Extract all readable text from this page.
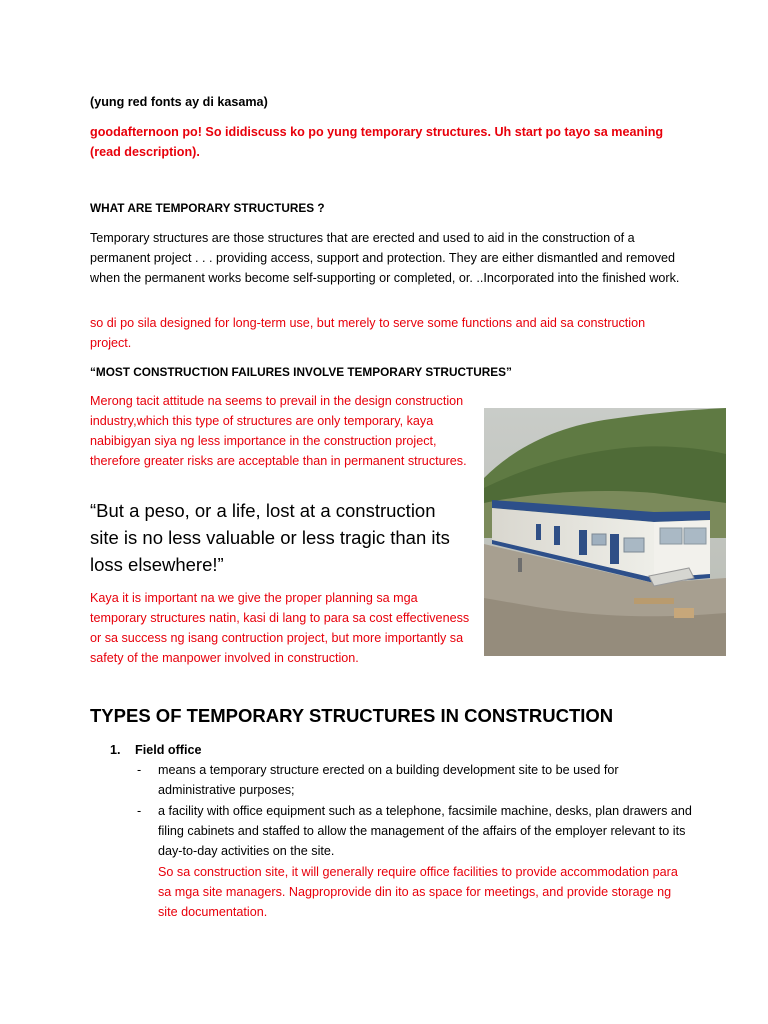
(yung red fonts ay di kasama)

goodafternoon po! So ididiscuss ko po yung temporary structures. Uh start po tayo sa meaning (read description).

WHAT ARE TEMPORARY STRUCTURES ?

Temporary structures are those structures that are erected and used to aid in the construction of a permanent project . . . providing access, support and protection. They are either dismantled and removed when the permanent works become self-supporting or completed, or. ..Incorporated into the finished work.

so di po sila designed for long-term use, but merely to serve some functions and aid sa construction project.

“MOST CONSTRUCTION FAILURES INVOLVE TEMPORARY STRUCTURES”

Merong tacit attitude na seems to prevail in the design construction industry,which this type of structures are only temporary, kaya nabibigyan siya ng less importance in the construction project, therefore greater risks are acceptable than in permanent structures.

“But a peso, or a life, lost at a construction site is no less valuable or less tragic than its loss elsewhere!”

Kaya it is important na we give the proper planning sa mga temporary structures natin, kasi di lang to para sa cost effectiveness or sa success ng isang contruction project, but more importantly sa safety of the manpower involved in construction.

TYPES OF TEMPORARY STRUCTURES IN CONSTRUCTION

1. Field office
- means a temporary structure erected on a building development site to be used for administrative purposes;

- a facility with office equipment such as a telephone, facsimile machine, desks, plan drawers and filing cabinets and staffed to allow the management of the affairs of the employer relevant to its day-to-day activities on the site.

So sa construction site, it will generally require office facilities to provide accommodation para sa mga site managers. Nagproprovide din ito as space for meetings, and provide storage ng site documentation.
